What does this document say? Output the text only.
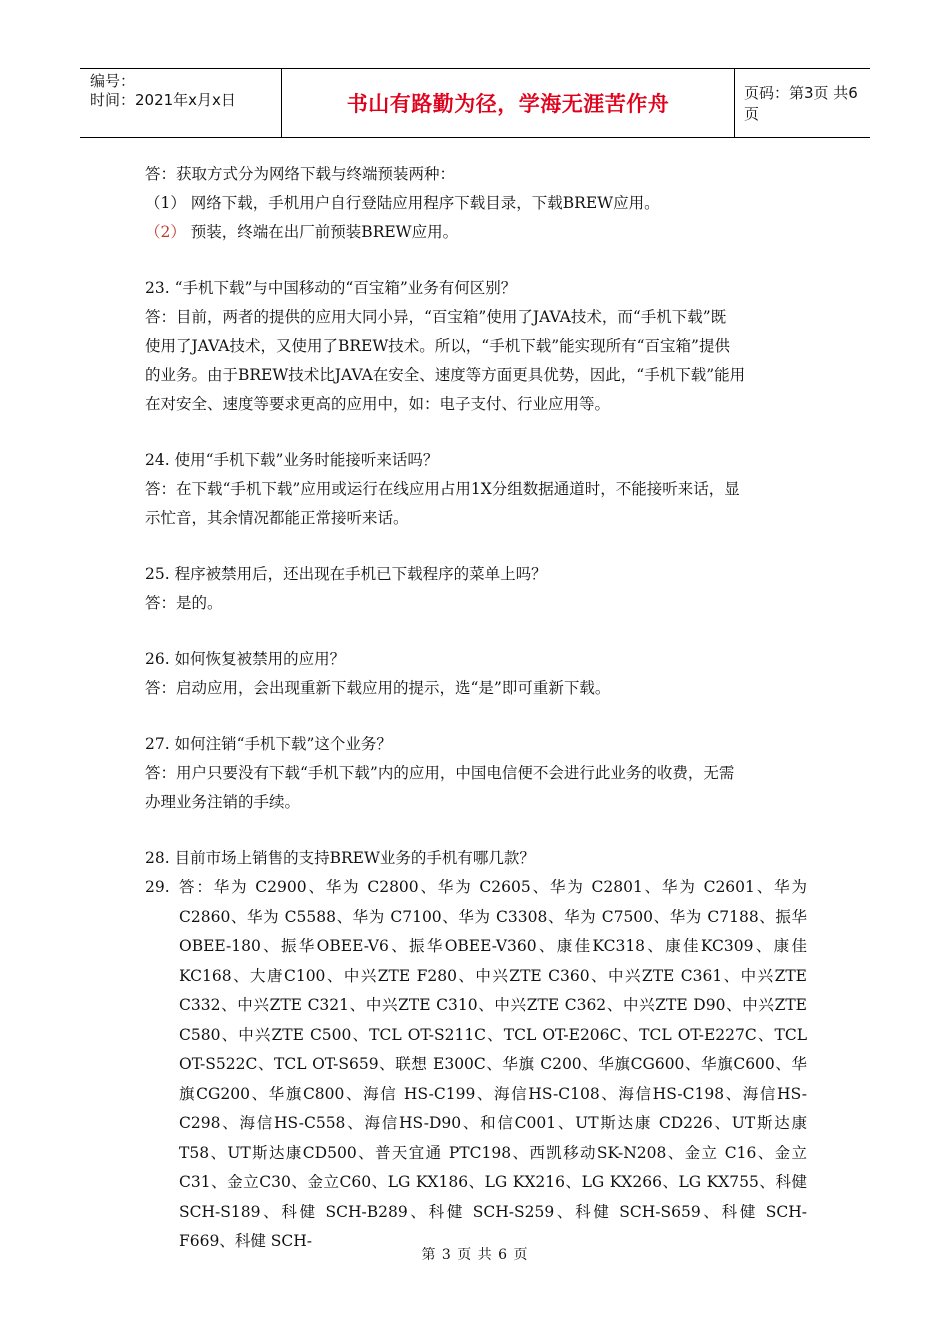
编号：
时间：2021年x月x日	书山有路勤为径，学海无涯苦作舟	页码：第3页 共6页
答：获取方式分为网络下载与终端预装两种：
（1） 网络下载，手机用户自行登陆应用程序下载目录，下载BREW应用。
（2） 预装，终端在出厂前预装BREW应用。
23. “手机下载”与中国移动的“百宝箱”业务有何区别？
答：目前，两者的提供的应用大同小异，“百宝箱”使用了JAVA技术，而“手机下载”既
使用了JAVA技术，又使用了BREW技术。所以，“手机下载”能实现所有“百宝箱”提供
的业务。由于BREW技术比JAVA在安全、速度等方面更具优势，因此，“手机下载”能用
在对安全、速度等要求更高的应用中，如：电子支付、行业应用等。
24. 使用“手机下载”业务时能接听来话吗？
答：在下载“手机下载”应用或运行在线应用占用1X分组数据通道时，不能接听来话，显
示忙音，其余情况都能正常接听来话。
25. 程序被禁用后，还出现在手机已下载程序的菜单上吗？
答：是的。
26. 如何恢复被禁用的应用？
答：启动应用，会出现重新下载应用的提示，选“是”即可重新下载。
27. 如何注销“手机下载”这个业务？
答：用户只要没有下载“手机下载”内的应用，中国电信便不会进行此业务的收费，无需
办理业务注销的手续。
28. 目前市场上销售的支持BREW业务的手机有哪几款？
29. 答：华为 C2900、华为 C2800、华为 C2605、华为 C2801、华为 C2601、华为C2860、华为 C5588、华为 C7100、华为 C3308、华为 C7500、华为 C7188、振华 OBEE-180、振华OBEE-V6、振华OBEE-V360、康佳KC318、康佳KC309、康佳KC168、大唐C100、中兴ZTE F280、中兴ZTE C360、中兴ZTE C361、中兴ZTE C332、中兴ZTE C321、中兴ZTE C310、中兴ZTE C362、中兴ZTE D90、中兴ZTE C580、中兴ZTE C500、TCL OT-S211C、TCL OT-E206C、TCL OT-E227C、TCL OT-S522C、TCL OT-S659、联想 E300C、华旗 C200、华旗CG600、华旗C600、华旗CG200、华旗C800、海信 HS-C199、海信HS-C108、海信HS-C198、海信HS-C298、海信HS-C558、海信HS-D90、和信C001、UT斯达康 CD226、UT斯达康T58、UT斯达康CD500、普天宜通 PTC198、西凯移动SK-N208、金立 C16、金立C31、金立C30、金立C60、LG KX186、LG KX216、LG KX266、LG KX755、科健SCH-S189、科健 SCH-B289、科健 SCH-S259、科健 SCH-S659、科健 SCH-F669、科健 SCH-
第 3 页 共 6 页
